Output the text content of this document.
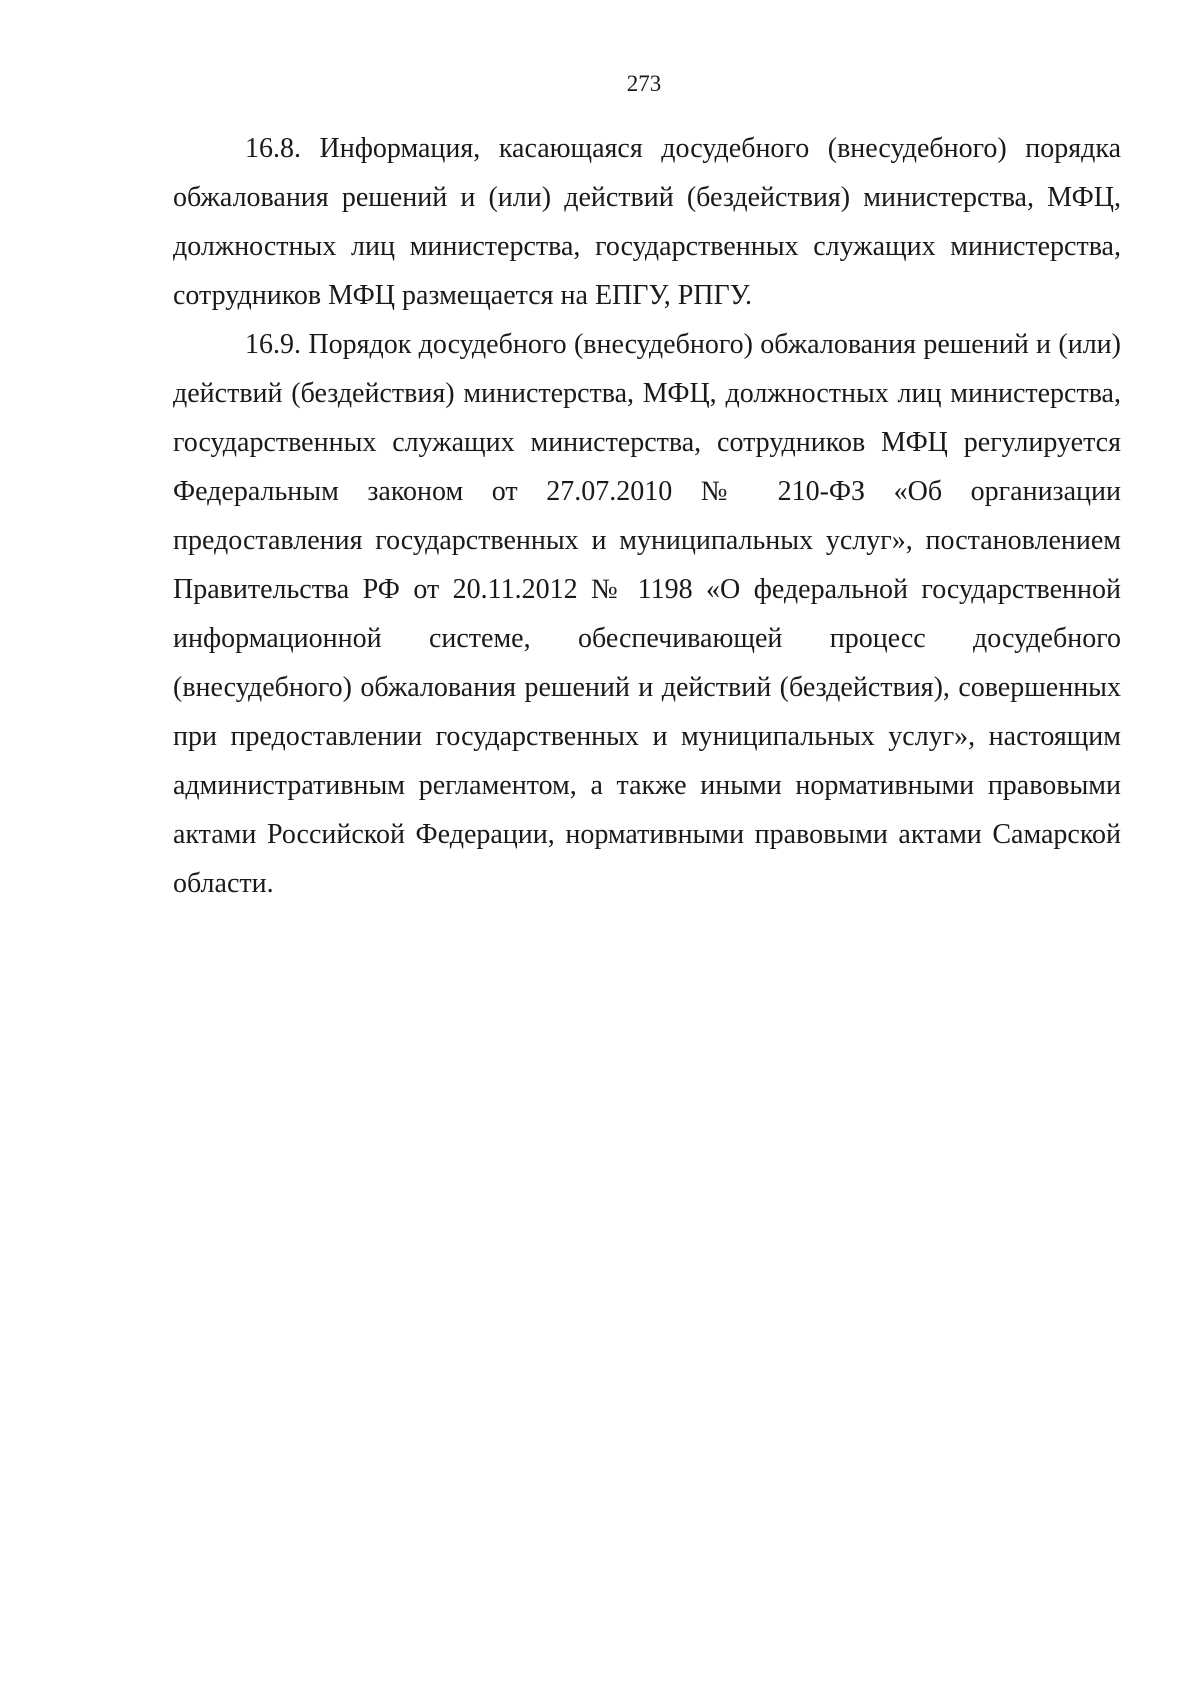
273

16.8. Информация, касающаяся досудебного (внесудебного) порядка обжалования решений и (или) действий (бездействия) министерства, МФЦ, должностных лиц министерства, государственных служащих министерства, сотрудников МФЦ размещается на ЕПГУ, РПГУ.

16.9. Порядок досудебного (внесудебного) обжалования решений и (или) действий (бездействия) министерства, МФЦ, должностных лиц министерства, государственных служащих министерства, сотрудников МФЦ регулируется Федеральным законом от 27.07.2010 № 210-ФЗ «Об организации предоставления государственных и муниципальных услуг», постановлением Правительства РФ от 20.11.2012 № 1198 «О федеральной государственной информационной системе, обеспечивающей процесс досудебного (внесудебного) обжалования решений и действий (бездействия), совершенных при предоставлении государственных и муниципальных услуг», настоящим административным регламентом, а также иными нормативными правовыми актами Российской Федерации, нормативными правовыми актами Самарской области.
